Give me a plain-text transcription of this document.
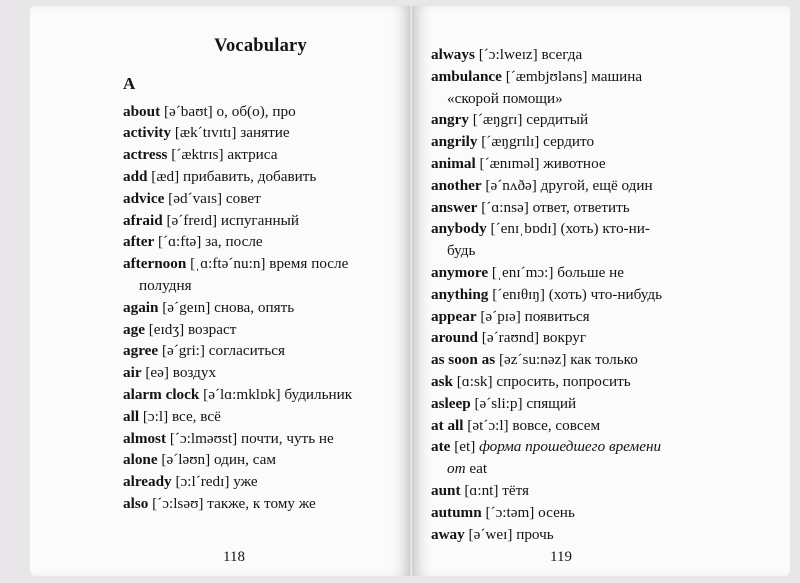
Vocabulary
A
about [əˊbaʊt] о, об(о), про
activity [ækˊtɪvɪtɪ] занятие
actress [ˊæktrɪs] актриса
add [æd] прибавить, добавить
advice [ədˊvaɪs] совет
afraid [əˊfreɪd] испуганный
after [ˊɑ:ftə] за, после
afternoon [ˌɑ:ftəˊnu:n] время после
полудня
again [əˊgeɪn] снова, опять
age [eɪdʒ] возраст
agree [əˊgri:] согласиться
air [eə] воздух
alarm clock [əˊlɑ:mklɒk] будильник
all [ɔ:l] все, всё
almost [ˊɔ:lməʊst] почти, чуть не
alone [əˊləʊn] один, сам
already [ɔ:lˊredɪ] уже
also [ˊɔ:lsəʊ] также, к тому же
118
always [ˊɔ:lweɪz] всегда
ambulance [ˊæmbjʊləns] машина
«скорой помощи»
angry [ˊæŋgrɪ] сердитый
angrily [ˊæŋgrɪlɪ] сердито
animal [ˊænɪməl] животное
another [əˊnʌðə] другой, ещё один
answer [ˊɑ:nsə] ответ, ответить
anybody [ˊenɪˌbɒdɪ] (хоть) кто-ни-
будь
anymore [ˌenɪˊmɔ:] больше не
anything [ˊenɪθɪŋ] (хоть) что-нибудь
appear [əˊpɪə] появиться
around [əˊraʊnd] вокруг
as soon as [əzˊsu:nəz] как только
ask [ɑ:sk] спросить, попросить
asleep [əˊsli:p] спящий
at all [ətˊɔ:l] вовсе, совсем
ate [et] форма прошедшего времени
от eat
aunt [ɑ:nt] тётя
autumn [ˊɔ:təm] осень
away [əˊweɪ] прочь
119
